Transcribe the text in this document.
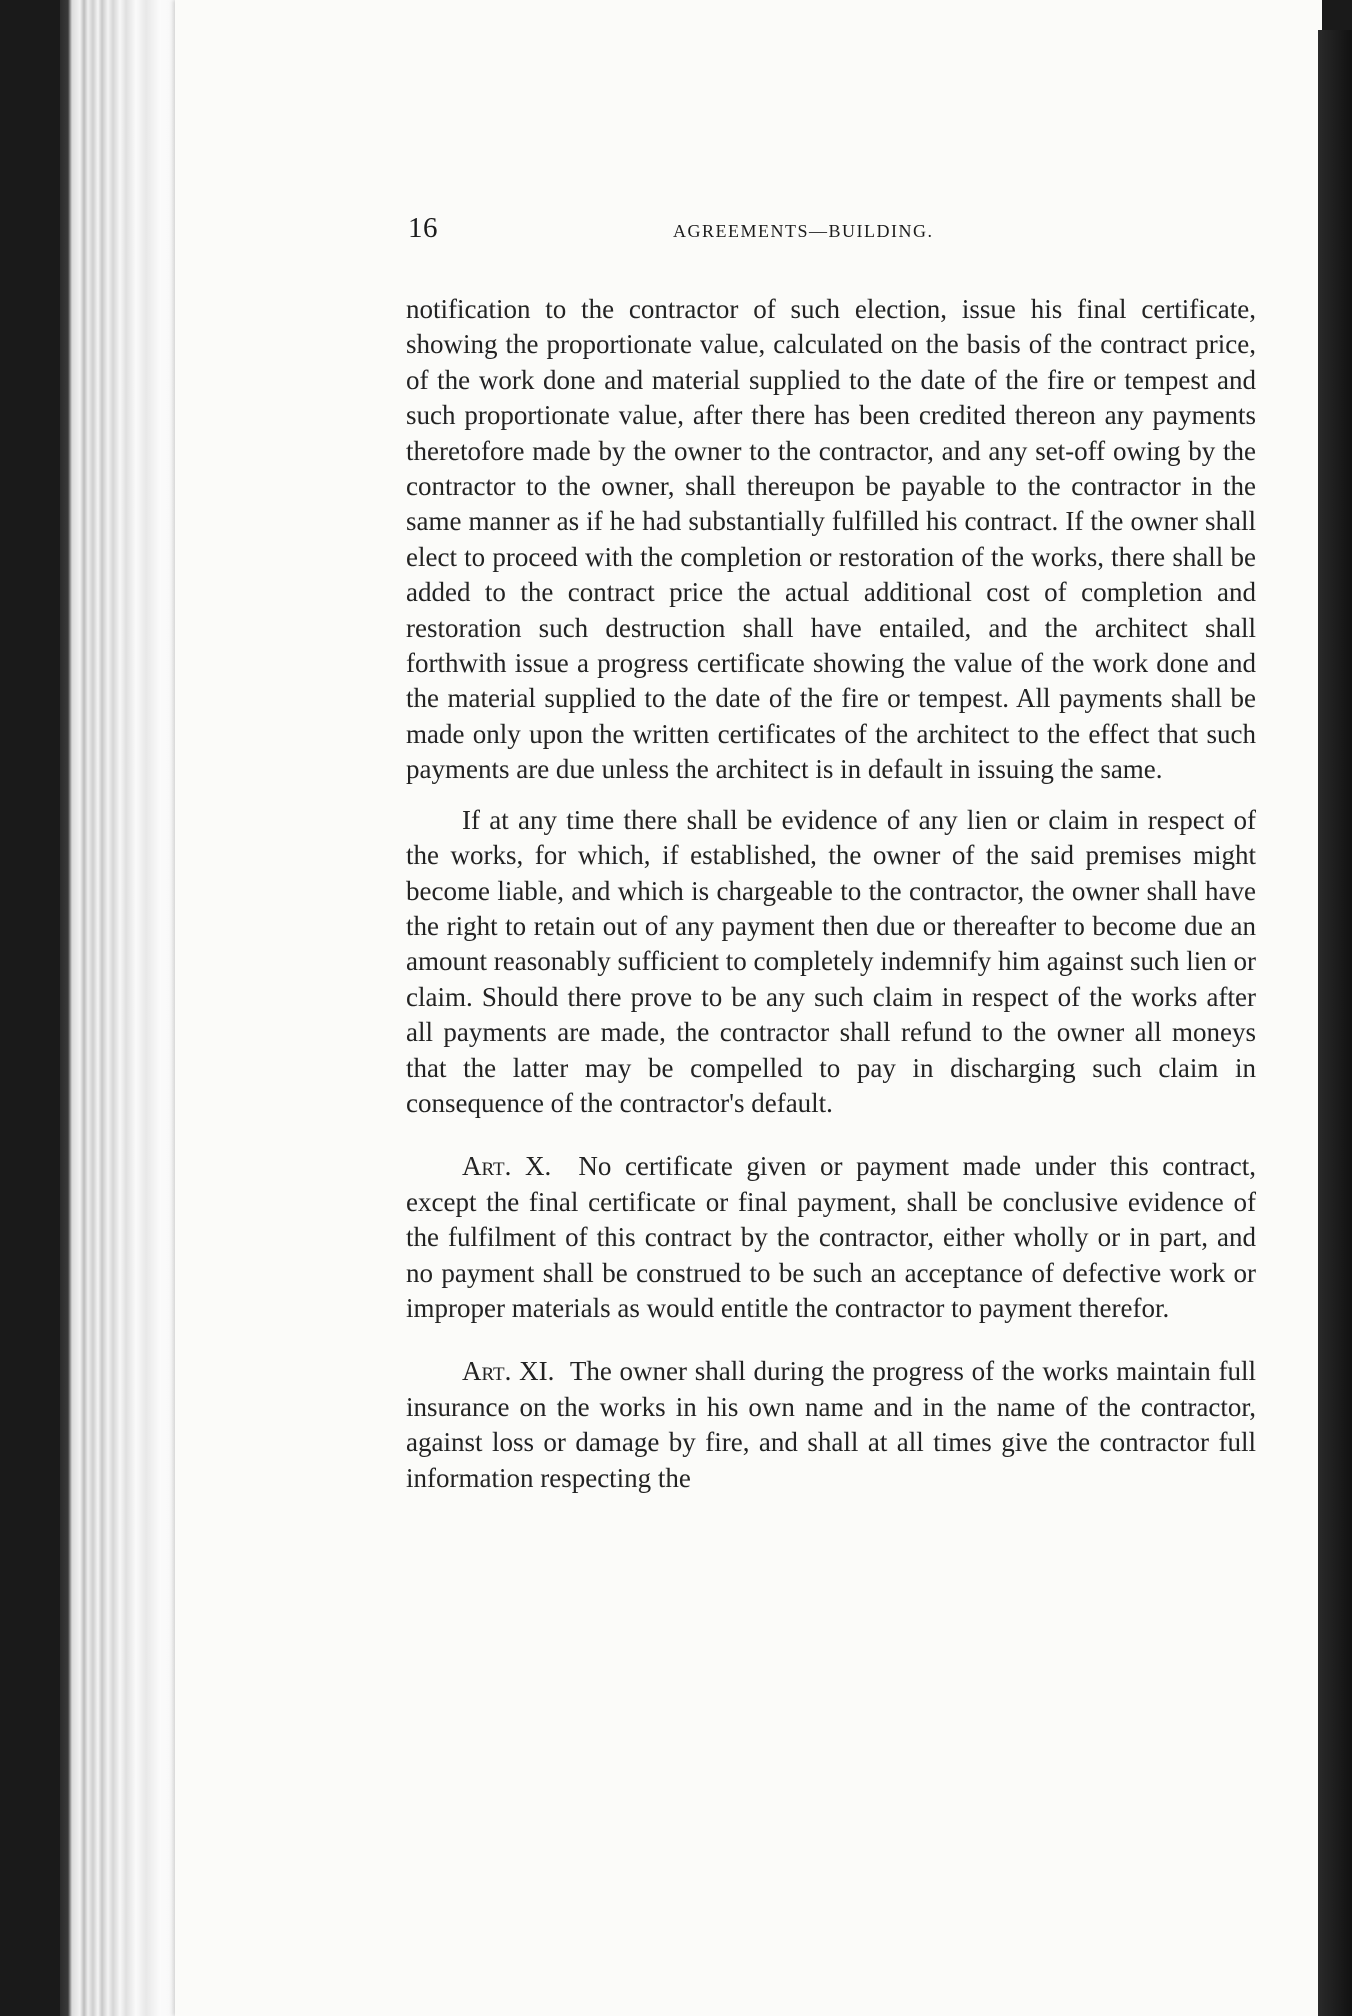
16	AGREEMENTS—BUILDING.

notification to the contractor of such election, issue his final certificate, showing the proportionate value, calculated on the basis of the contract price, of the work done and material supplied to the date of the fire or tempest and such proportionate value, after there has been credited thereon any payments theretofore made by the owner to the contractor, and any set-off owing by the contractor to the owner, shall thereupon be payable to the contractor in the same manner as if he had substantially fulfilled his contract. If the owner shall elect to proceed with the completion or restoration of the works, there shall be added to the contract price the actual additional cost of completion and restoration such destruction shall have entailed, and the architect shall forthwith issue a progress certificate showing the value of the work done and the material supplied to the date of the fire or tempest. All payments shall be made only upon the written certificates of the architect to the effect that such payments are due unless the architect is in default in issuing the same.

If at any time there shall be evidence of any lien or claim in respect of the works, for which, if established, the owner of the said premises might become liable, and which is chargeable to the contractor, the owner shall have the right to retain out of any payment then due or thereafter to become due an amount reasonably sufficient to completely indemnify him against such lien or claim. Should there prove to be any such claim in respect of the works after all payments are made, the contractor shall refund to the owner all moneys that the latter may be compelled to pay in discharging such claim in consequence of the contractor's default.

Art. X. No certificate given or payment made under this contract, except the final certificate or final payment, shall be conclusive evidence of the fulfilment of this contract by the contractor, either wholly or in part, and no payment shall be construed to be such an acceptance of defective work or improper materials as would entitle the contractor to payment therefor.

Art. XI. The owner shall during the progress of the works maintain full insurance on the works in his own name and in the name of the contractor, against loss or damage by fire, and shall at all times give the contractor full information respecting the
